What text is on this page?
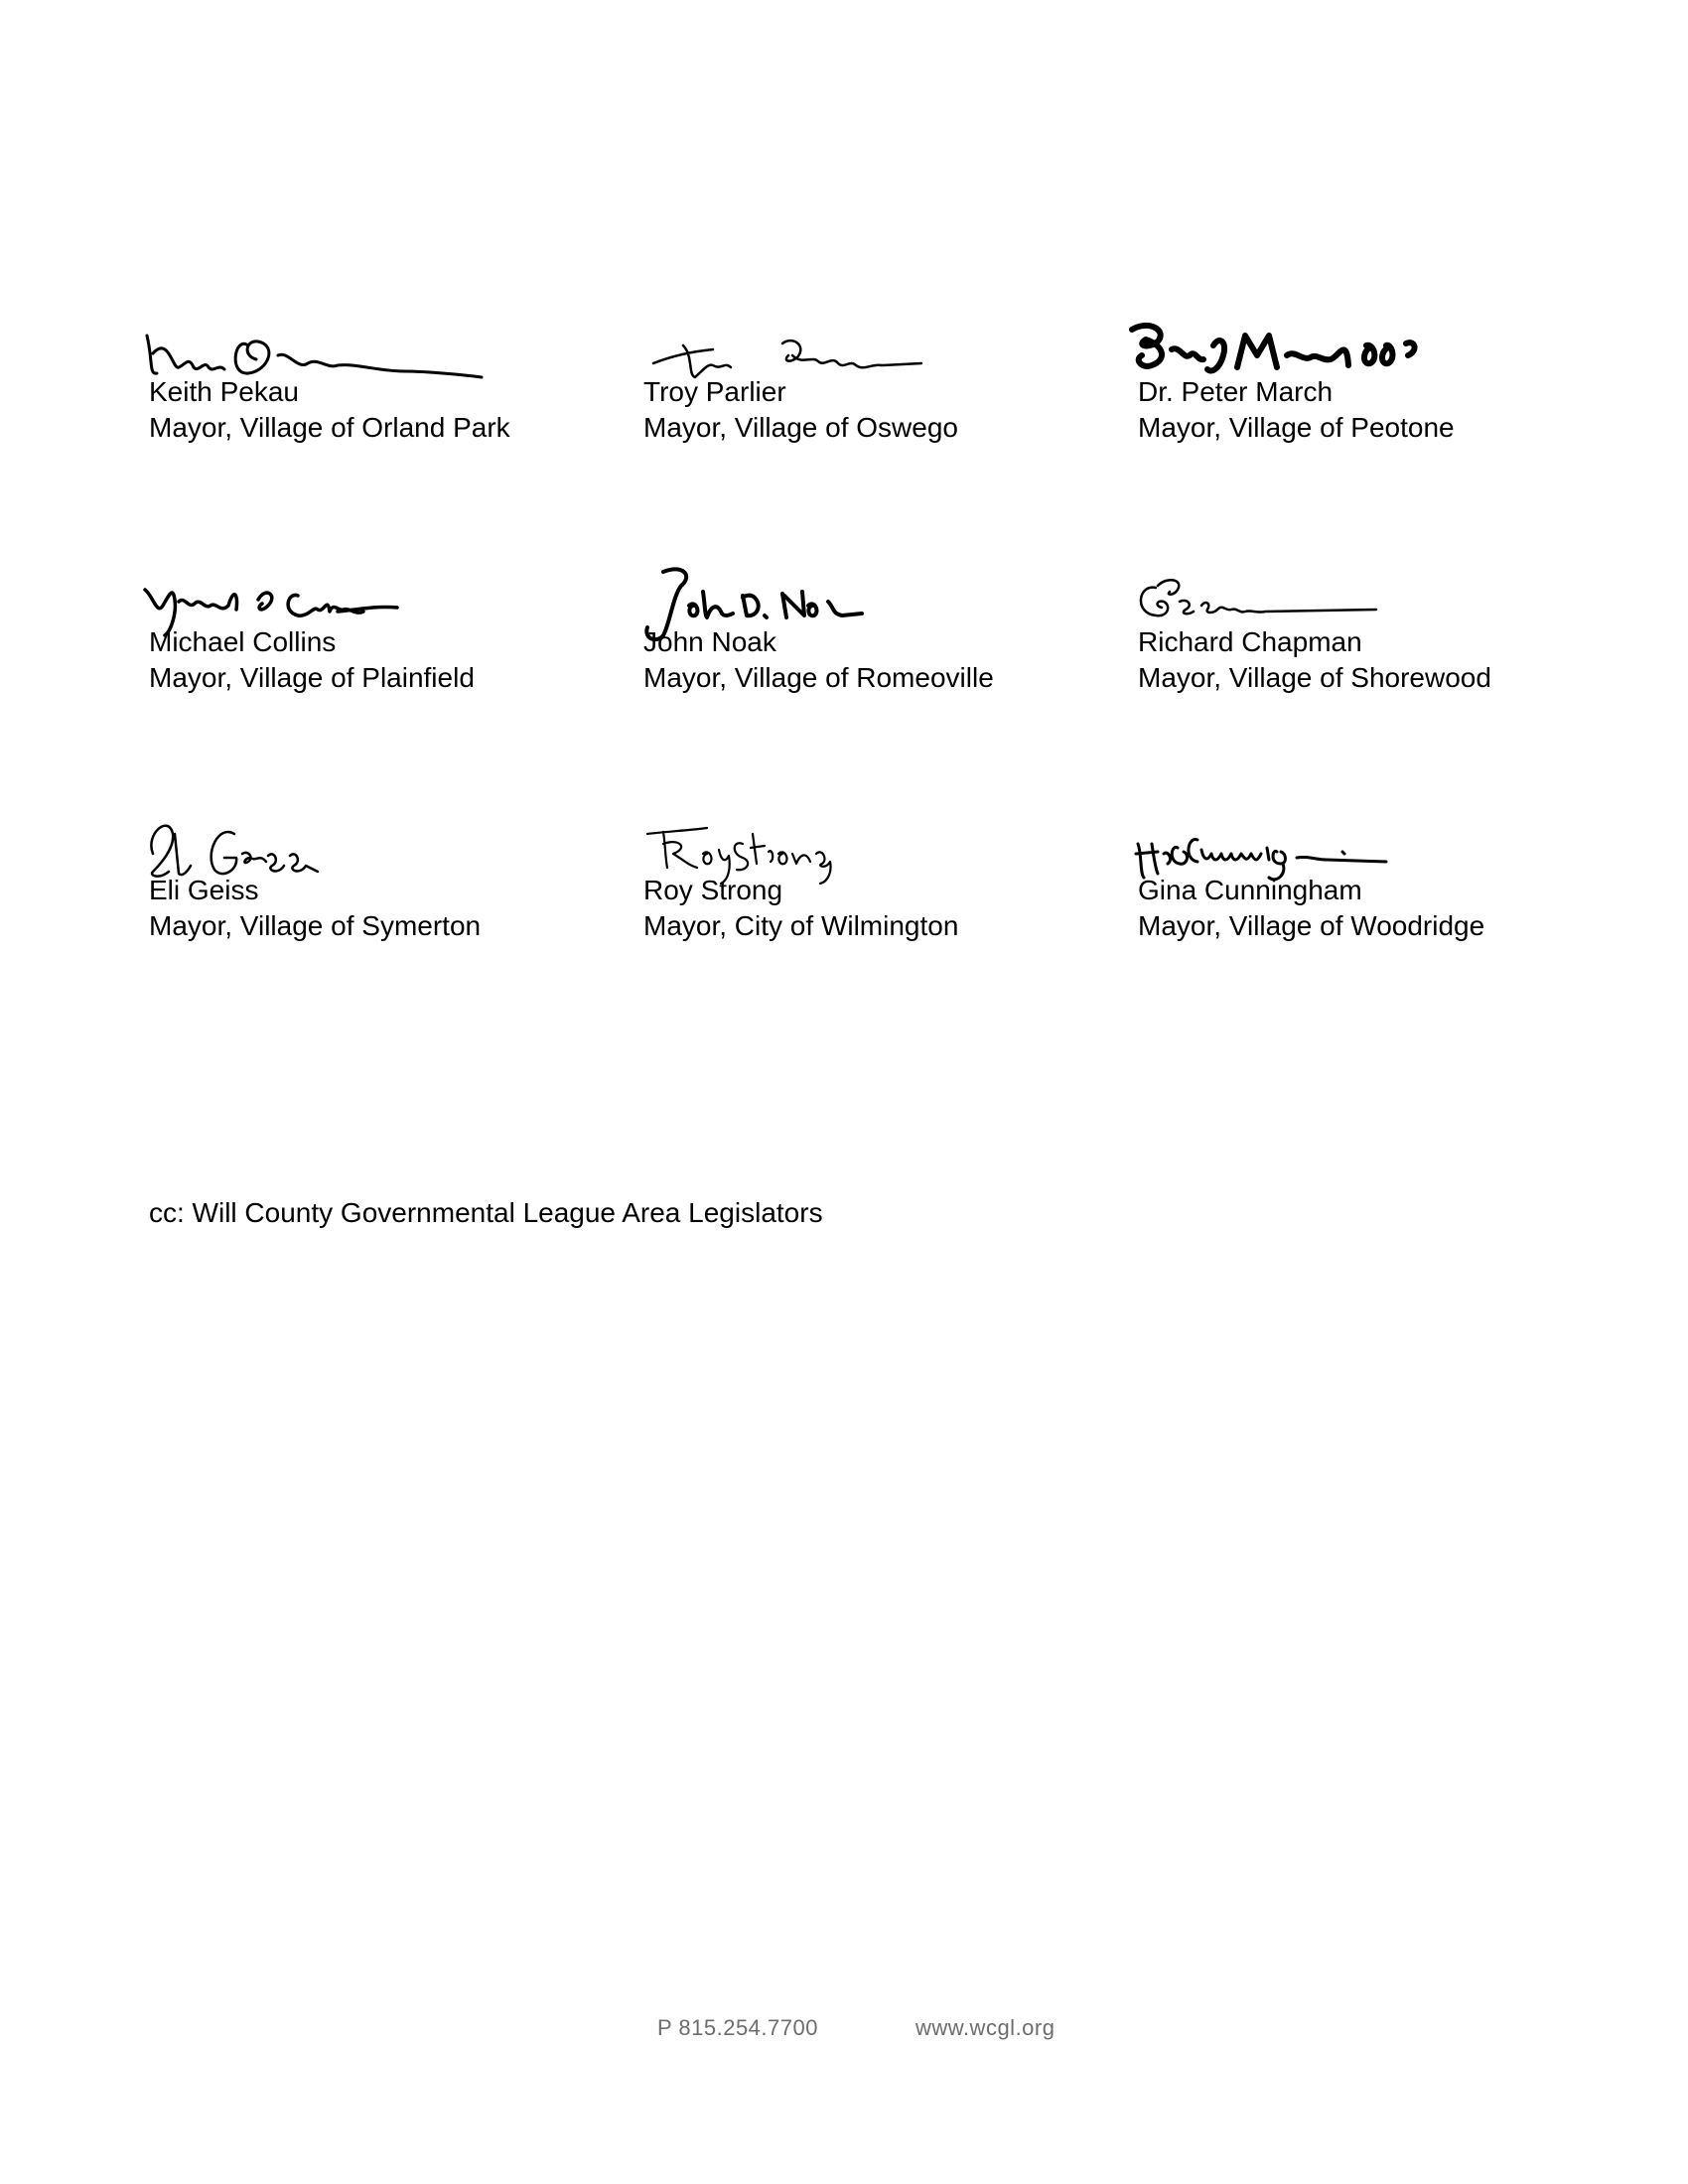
Keith Pekau
Mayor, Village of Orland Park
Troy Parlier
Mayor, Village of Oswego
Dr. Peter March
Mayor, Village of Peotone
Michael Collins
Mayor, Village of Plainfield
John Noak
Mayor, Village of Romeoville
Richard Chapman
Mayor, Village of Shorewood
Eli Geiss
Mayor, Village of Symerton
Roy Strong
Mayor, City of Wilmington
Gina Cunningham
Mayor, Village of Woodridge
cc: Will County Governmental League Area Legislators
P 815.254.7700	www.wcgl.org
